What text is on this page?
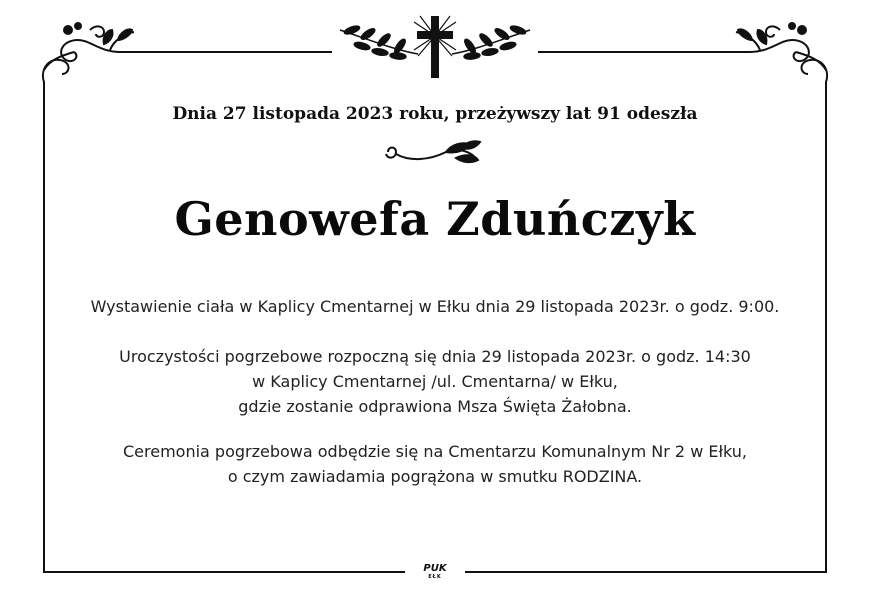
Dnia 27 listopada 2023 roku, przeżywszy lat 91 odeszła
Genowefa Zduńczyk
Wystawienie ciała w Kaplicy Cmentarnej w Ełku dnia 29 listopada 2023r. o godz. 9:00.
Uroczystości pogrzebowe rozpoczną się dnia 29 listopada 2023r. o godz. 14:30
w Kaplicy Cmentarnej /ul. Cmentarna/ w Ełku,
gdzie zostanie odprawiona Msza Święta Żałobna.
Ceremonia pogrzebowa odbędzie się na Cmentarzu Komunalnym Nr 2 w Ełku,
o czym zawiadamia pogrążona w smutku RODZINA.
PUK
EŁK
